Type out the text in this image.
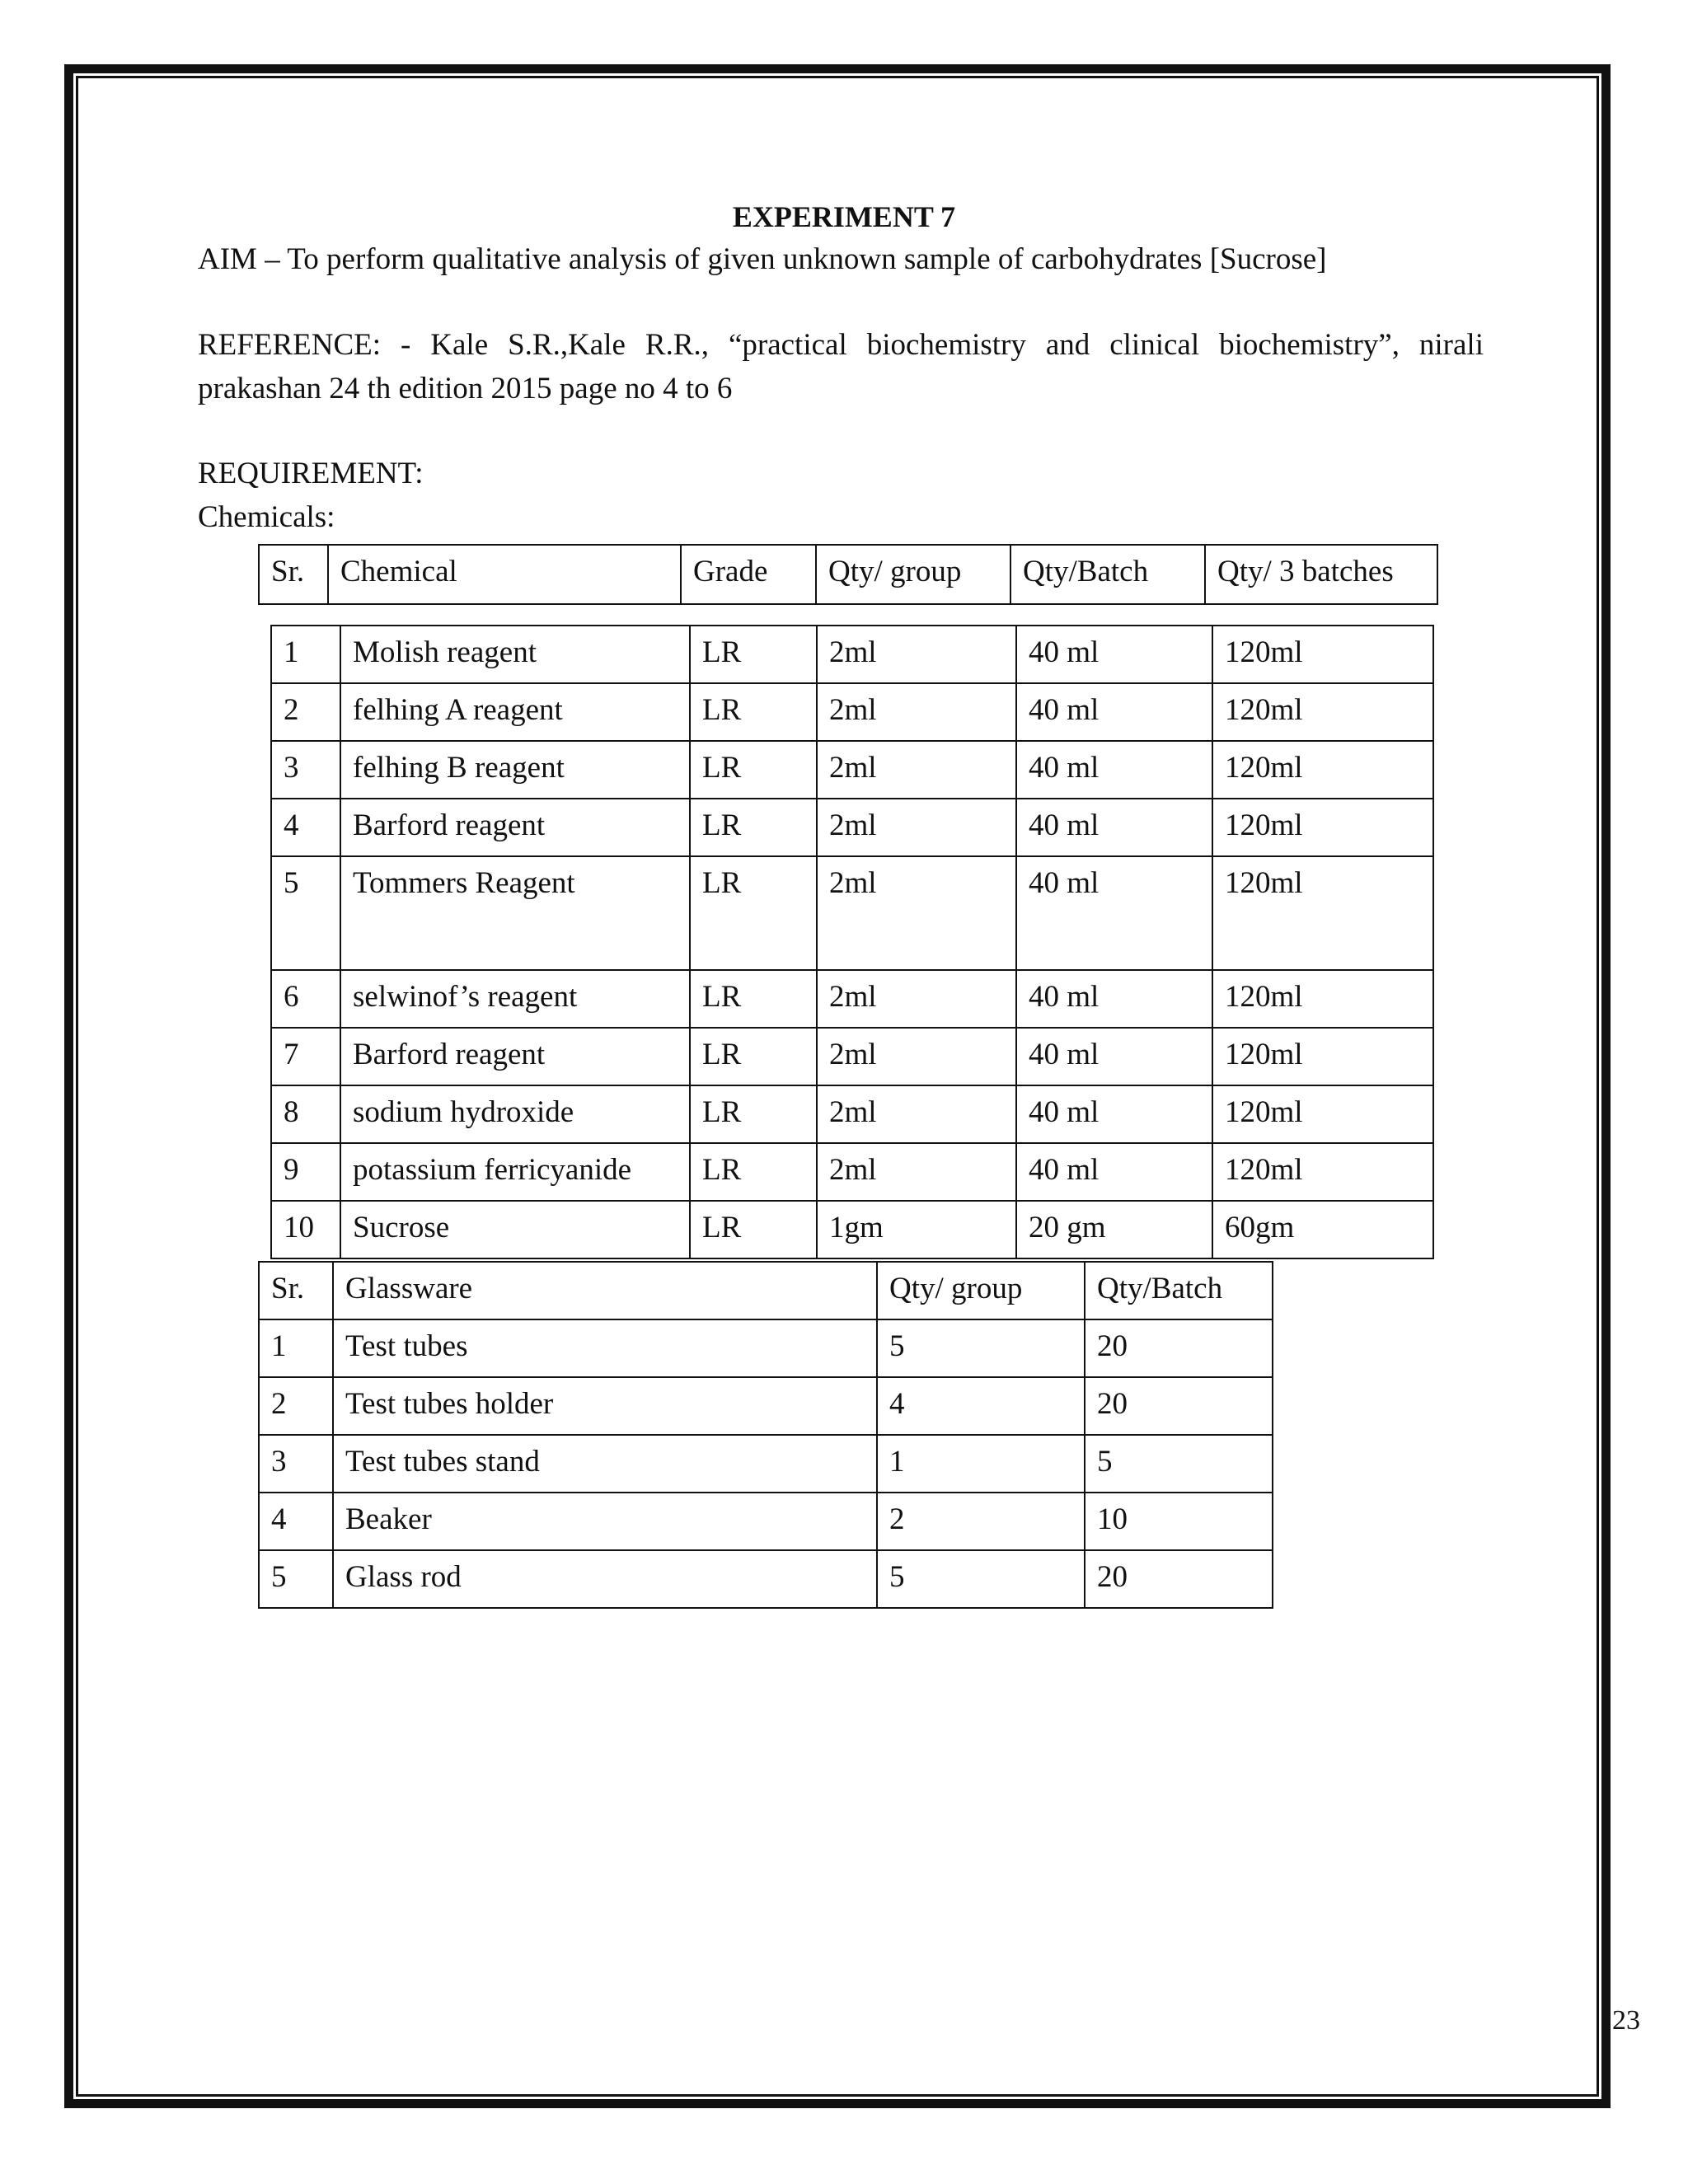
EXPERIMENT 7
AIM – To perform qualitative analysis of given unknown sample of carbohydrates [Sucrose]
REFERENCE: - Kale S.R.,Kale R.R., “practical biochemistry and clinical biochemistry”, nirali
prakashan 24 th edition 2015 page no 4 to 6
REQUIREMENT:
Chemicals:
Sr.	Chemical	Grade	Qty/ group	Qty/Batch	Qty/ 3 batches
1	Molish reagent	LR	2ml	40 ml	120ml
2	felhing A reagent	LR	2ml	40 ml	120ml
3	felhing B reagent	LR	2ml	40 ml	120ml
4	Barford reagent	LR	2ml	40 ml	120ml
5	Tommers Reagent	LR	2ml	40 ml	120ml
6	selwinof’s reagent	LR	2ml	40 ml	120ml
7	Barford reagent	LR	2ml	40 ml	120ml
8	sodium hydroxide	LR	2ml	40 ml	120ml
9	potassium ferricyanide	LR	2ml	40 ml	120ml
10	Sucrose	LR	1gm	20 gm	60gm
Sr.	Glassware	Qty/ group	Qty/Batch
1	Test tubes	5	20
2	Test tubes holder	4	20
3	Test tubes stand	1	5
4	Beaker	2	10
5	Glass rod	5	20
23
